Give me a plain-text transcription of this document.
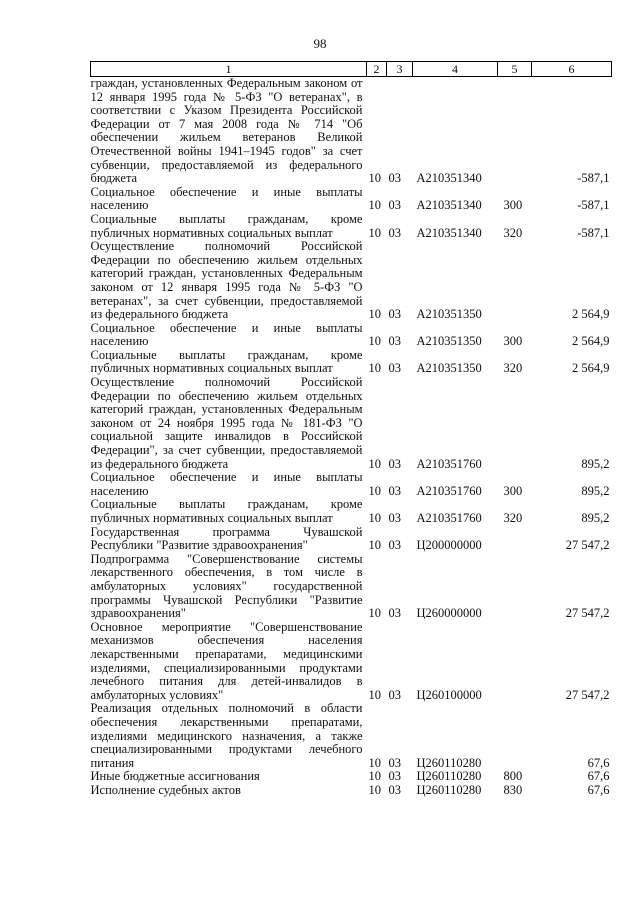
98
1	2	3	4	5	6
граждан, установленных Федеральным законом от 12 января 1995 года № 5-ФЗ "О ветеранах", в соответствии с Указом Президента Российской Федерации от 7 мая 2008 года № 714 "Об обеспечении жильем ветеранов Великой Отечественной войны 1941–1945 годов" за счет субвенции, предоставляемой из федерального бюджета	10	03	А210351340		-587,1
Социальное обеспечение и иные выплаты населению	10	03	А210351340	300	-587,1
Социальные выплаты гражданам, кроме публичных нормативных социальных выплат	10	03	А210351340	320	-587,1
Осуществление полномочий Российской Федерации по обеспечению жильем отдельных категорий граждан, установленных Федеральным законом от 12 января 1995 года № 5-ФЗ "О ветеранах", за счет субвенции, предоставляемой из федерального бюджета	10	03	А210351350		2 564,9
Социальное обеспечение и иные выплаты населению	10	03	А210351350	300	2 564,9
Социальные выплаты гражданам, кроме публичных нормативных социальных выплат	10	03	А210351350	320	2 564,9
Осуществление полномочий Российской Федерации по обеспечению жильем отдельных категорий граждан, установленных Федеральным законом от 24 ноября 1995 года № 181-ФЗ "О социальной защите инвалидов в Российской Федерации", за счет субвенции, предоставляемой из федерального бюджета	10	03	А210351760		895,2
Социальное обеспечение и иные выплаты населению	10	03	А210351760	300	895,2
Социальные выплаты гражданам, кроме публичных нормативных социальных выплат	10	03	А210351760	320	895,2
Государственная программа Чувашской Республики "Развитие здравоохранения"	10	03	Ц200000000		27 547,2
Подпрограмма "Совершенствование системы лекарственного обеспечения, в том числе в амбулаторных условиях" государственной программы Чувашской Республики "Развитие здравоохранения"	10	03	Ц260000000		27 547,2
Основное мероприятие "Совершенствование механизмов обеспечения населения лекарственными препаратами, медицинскими изделиями, специализированными продуктами лечебного питания для детей-инвалидов в амбулаторных условиях"	10	03	Ц260100000		27 547,2
Реализация отдельных полномочий в области обеспечения лекарственными препаратами, изделиями медицинского назначения, а также специализированными продуктами лечебного питания	10	03	Ц260110280		67,6
Иные бюджетные ассигнования	10	03	Ц260110280	800	67,6
Исполнение судебных актов	10	03	Ц260110280	830	67,6
